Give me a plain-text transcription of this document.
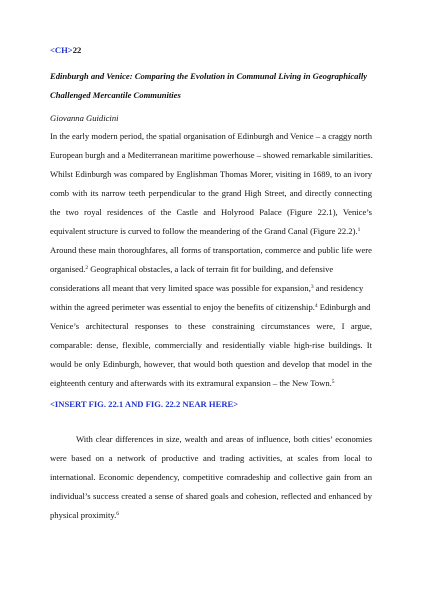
<CH>22
Edinburgh and Venice: Comparing the Evolution in Communal Living in Geographically
Challenged Mercantile Communities
Giovanna Guidicini
In the early modern period, the spatial organisation of Edinburgh and Venice – a craggy north
European burgh and a Mediterranean maritime powerhouse – showed remarkable similarities.
Whilst Edinburgh was compared by Englishman Thomas Morer, visiting in 1689, to an ivory
comb with its narrow teeth perpendicular to the grand High Street, and directly connecting
the two royal residences of the Castle and Holyrood Palace (Figure 22.1), Venice’s
equivalent structure is curved to follow the meandering of the Grand Canal (Figure 22.2).$^1$
Around these main thoroughfares, all forms of transportation, commerce and public life were
organised.$^2$ Geographical obstacles, a lack of terrain fit for building, and defensive
considerations all meant that very limited space was possible for expansion,$^3$ and residency
within the agreed perimeter was essential to enjoy the benefits of citizenship.$^4$ Edinburgh and
Venice’s architectural responses to these constraining circumstances were, I argue,
comparable: dense, flexible, commercially and residentially viable high-rise buildings. It
would be only Edinburgh, however, that would both question and develop that model in the
eighteenth century and afterwards with its extramural expansion – the New Town.$^5$
<INSERT FIG. 22.1 AND FIG. 22.2 NEAR HERE>
With clear differences in size, wealth and areas of influence, both cities’ economies
were based on a network of productive and trading activities, at scales from local to
international. Economic dependency, competitive comradeship and collective gain from an
individual’s success created a sense of shared goals and cohesion, reflected and enhanced by
physical proximity.$^6$
